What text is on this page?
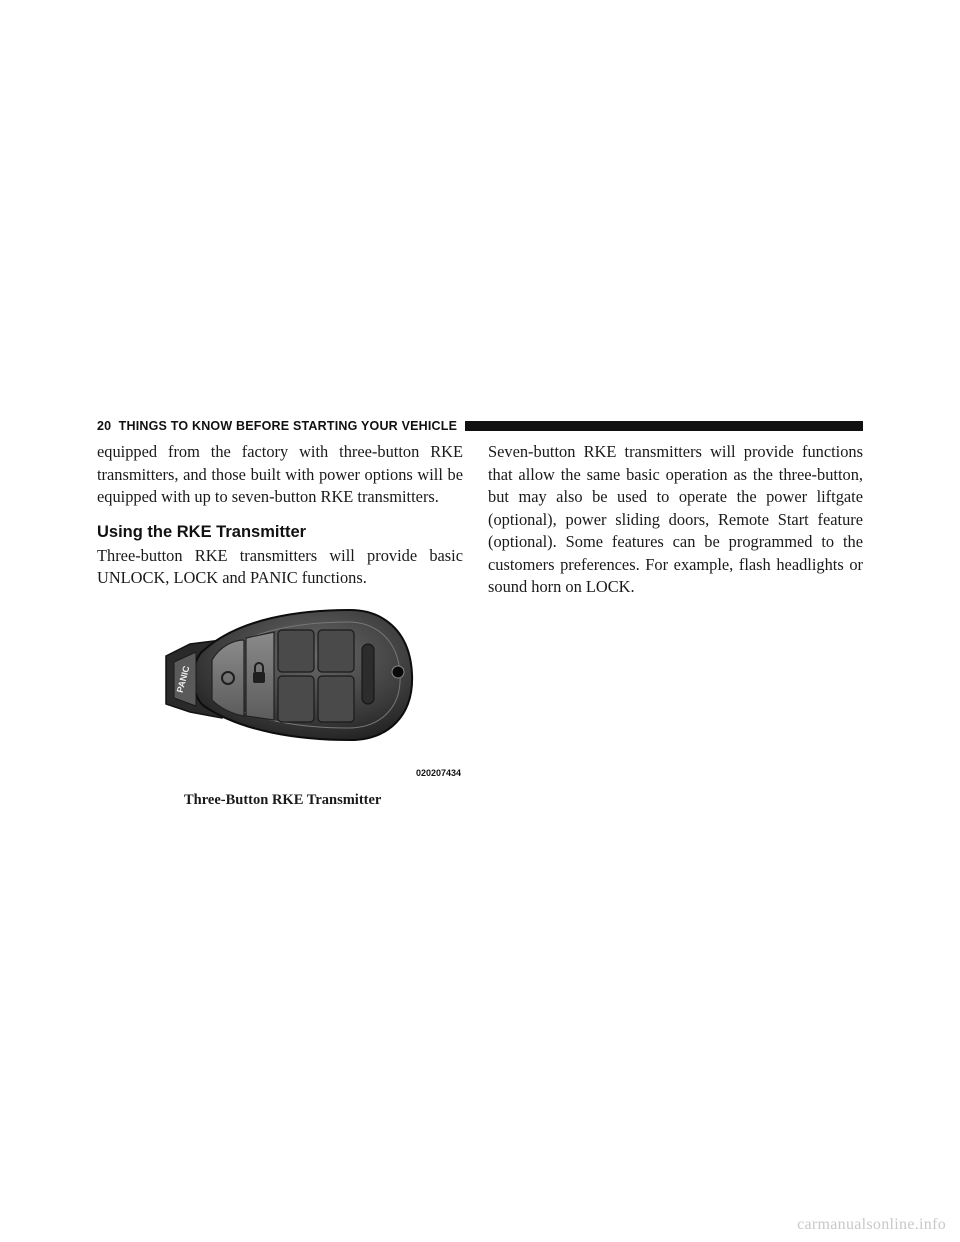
20 THINGS TO KNOW BEFORE STARTING YOUR VEHICLE

equipped from the factory with three-button RKE transmitters, and those built with power options will be equipped with up to seven-button RKE transmitters.

Using the RKE Transmitter

Three-button RKE transmitters will provide basic UNLOCK, LOCK and PANIC functions.

Seven-button RKE transmitters will provide functions that allow the same basic operation as the three-button, but may also be used to operate the power liftgate (optional), power sliding doors, Remote Start feature (optional). Some features can be programmed to the customers preferences. For example, flash headlights or sound horn on LOCK.

PANIC
020207434
Three-Button RKE Transmitter
carmanualsonline.info
